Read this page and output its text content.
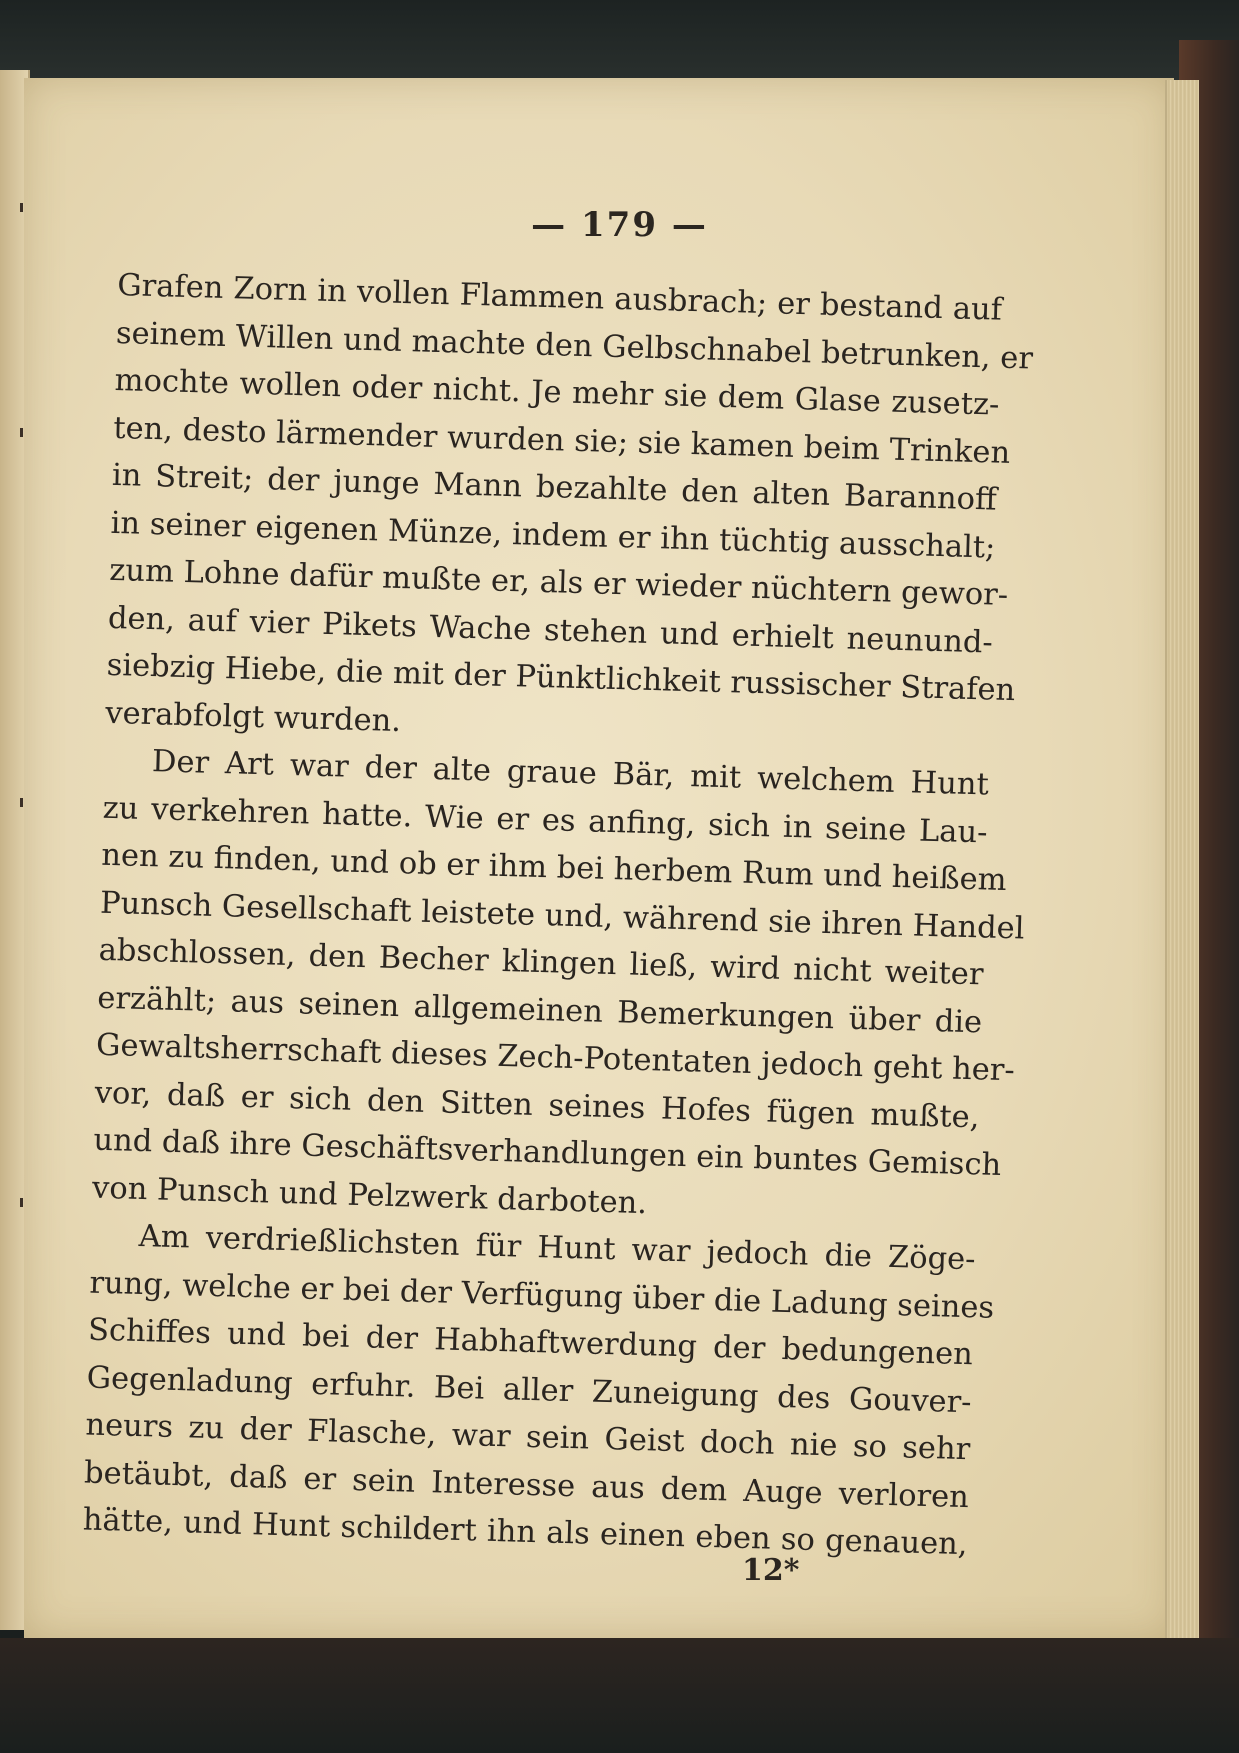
— 179 —
Grafen Zorn in vollen Flammen ausbrach; er bestand auf
seinem Willen und machte den Gelbschnabel betrunken, er
mochte wollen oder nicht. Je mehr sie dem Glase zusetz-
ten, desto lärmender wurden sie; sie kamen beim Trinken
in Streit; der junge Mann bezahlte den alten Barannoff
in seiner eigenen Münze, indem er ihn tüchtig ausschalt;
zum Lohne dafür mußte er, als er wieder nüchtern gewor-
den, auf vier Pikets Wache stehen und erhielt neunund-
siebzig Hiebe, die mit der Pünktlichkeit russischer Strafen
verabfolgt wurden.
Der Art war der alte graue Bär, mit welchem Hunt
zu verkehren hatte. Wie er es anfing, sich in seine Lau-
nen zu finden, und ob er ihm bei herbem Rum und heißem
Punsch Gesellschaft leistete und, während sie ihren Handel
abschlossen, den Becher klingen ließ, wird nicht weiter
erzählt; aus seinen allgemeinen Bemerkungen über die
Gewaltsherrschaft dieses Zech-Potentaten jedoch geht her-
vor, daß er sich den Sitten seines Hofes fügen mußte,
und daß ihre Geschäftsverhandlungen ein buntes Gemisch
von Punsch und Pelzwerk darboten.
Am verdrießlichsten für Hunt war jedoch die Zöge-
rung, welche er bei der Verfügung über die Ladung seines
Schiffes und bei der Habhaftwerdung der bedungenen
Gegenladung erfuhr. Bei aller Zuneigung des Gouver-
neurs zu der Flasche, war sein Geist doch nie so sehr
betäubt, daß er sein Interesse aus dem Auge verloren
hätte, und Hunt schildert ihn als einen eben so genauen,
12*
